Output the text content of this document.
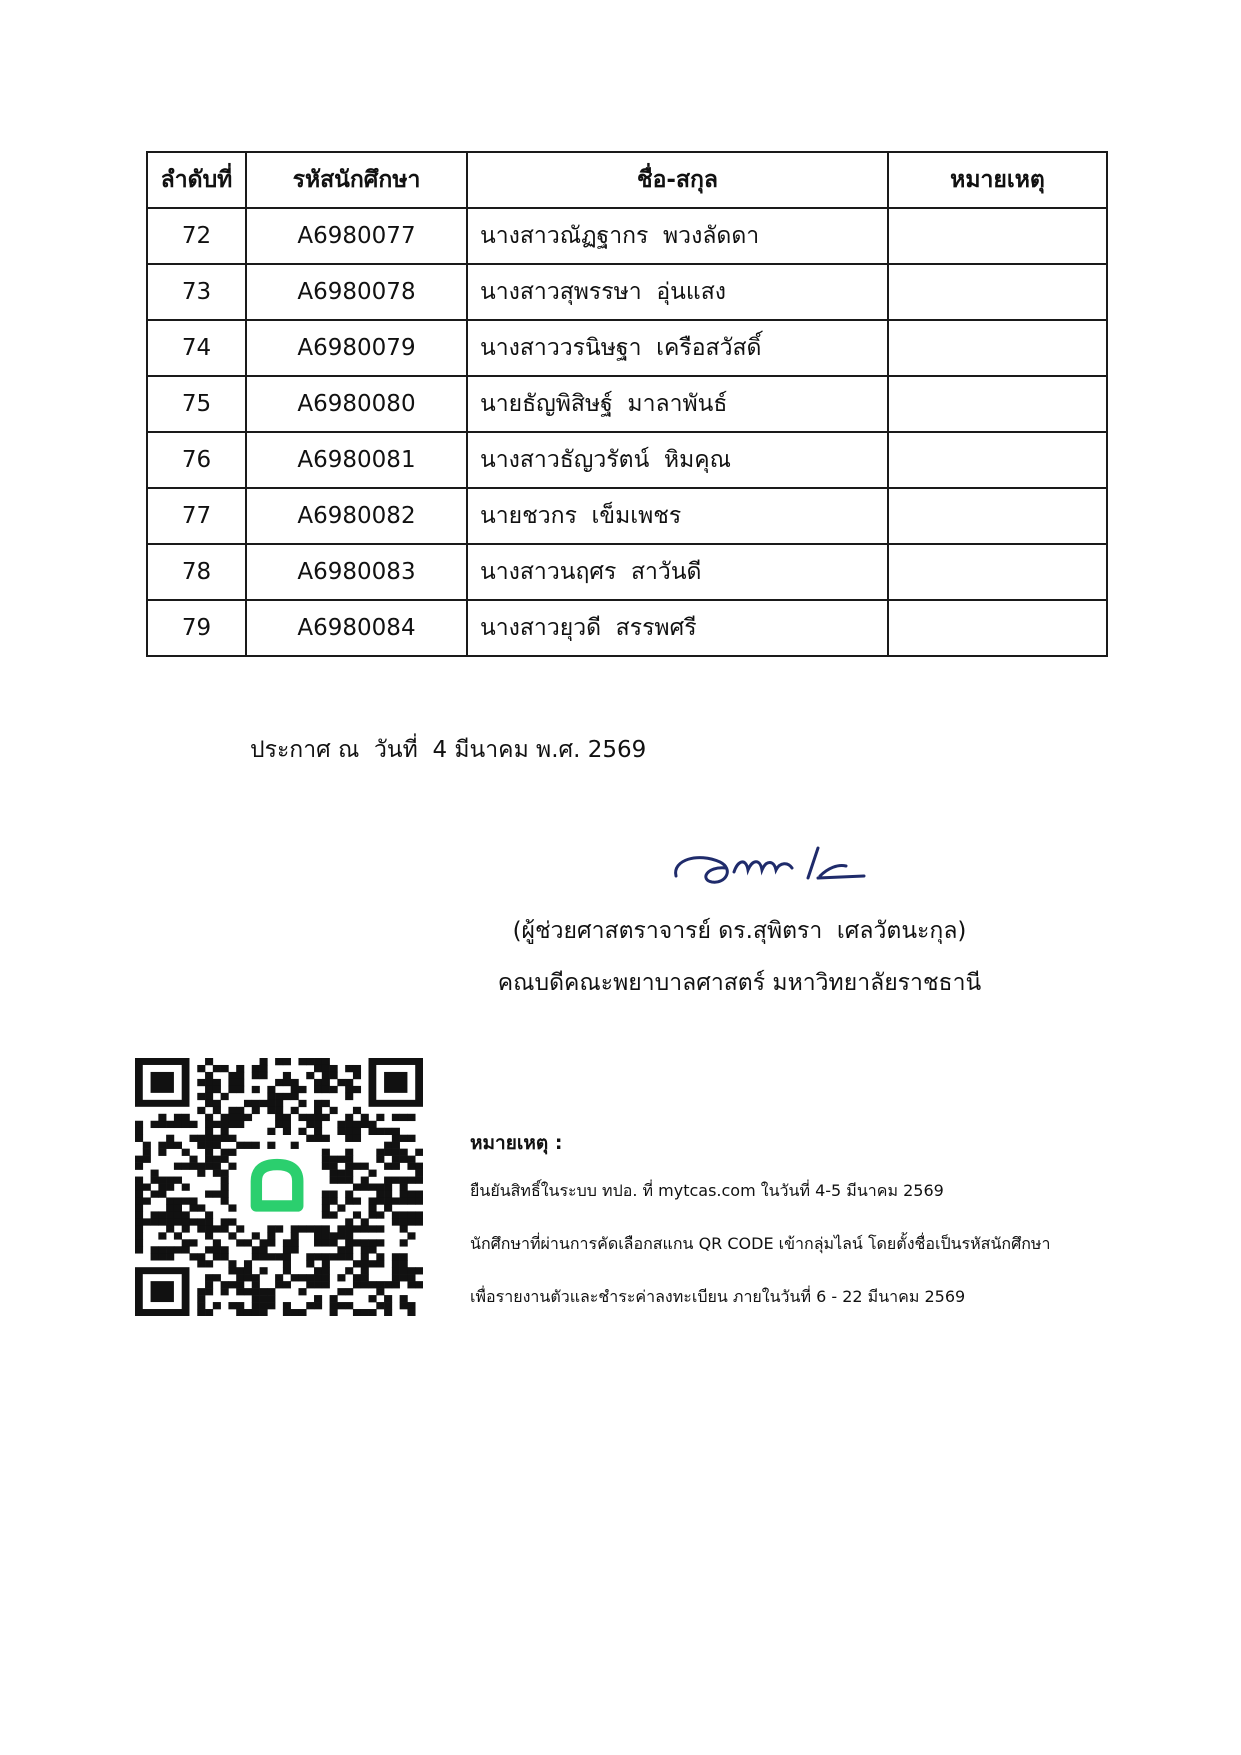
ลำดับที่	รหัสนักศึกษา	ชื่อ-สกุล	หมายเหตุ
72	A6980077	นางสาวณัฏฐากร  พวงลัดดา	
73	A6980078	นางสาวสุพรรษา  อุ่นแสง	
74	A6980079	นางสาววรนิษฐา  เครือสวัสดิ์	
75	A6980080	นายธัญพิสิษฐ์  มาลาพันธ์	
76	A6980081	นางสาวธัญวรัตน์  หิมคุณ	
77	A6980082	นายชวกร  เข็มเพชร	
78	A6980083	นางสาวนฤศร  สาวันดี	
79	A6980084	นางสาวยุวดี  สรรพศรี	
ประกาศ ณ  วันที่  4 มีนาคม พ.ศ. 2569
(ผู้ช่วยศาสตราจารย์ ดร.สุพิตรา  เศลวัตนะกุล)
คณบดีคณะพยาบาลศาสตร์ มหาวิทยาลัยราชธานี
หมายเหตุ :
ยืนยันสิทธิ์ในระบบ ทปอ. ที่ mytcas.com ในวันที่ 4-5 มีนาคม 2569
นักศึกษาที่ผ่านการคัดเลือกสแกน QR CODE เข้ากลุ่มไลน์ โดยตั้งชื่อเป็นรหัสนักศึกษา
เพื่อรายงานตัวและชำระค่าลงทะเบียน ภายในวันที่ 6 - 22 มีนาคม 2569
